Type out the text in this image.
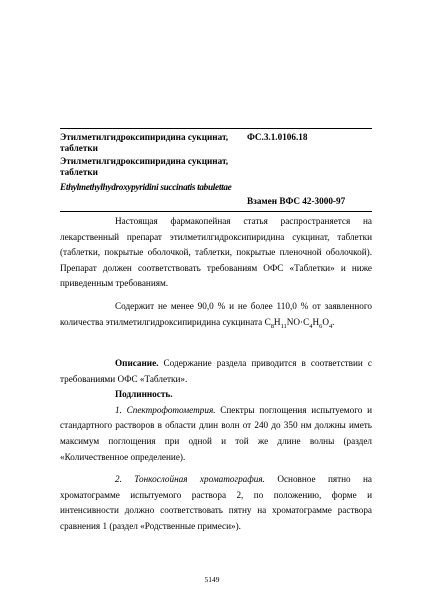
Этилметилгидроксипиридина сукцинат, таблетки
ФС.3.1.0106.18
Этилметилгидроксипиридина сукцинат, таблетки
Ethylmethylhydroxypyridini succinatis tabulettae
Взамен ВФС 42-3000-97

Настоящая фармакопейная статья распространяется на лекарственный препарат этилметилгидроксипиридина сукцинат, таблетки (таблетки, покрытые оболочкой, таблетки, покрытые пленочной оболочкой). Препарат должен соответствовать требованиям ОФС «Таблетки» и ниже приведенным требованиям.

Содержит не менее 90,0 % и не более 110,0 % от заявленного количества этилметилгидроксипиридина сукцината $C_8H_{11}NO\cdot C_4H_6O_4$.

Описание. Содержание раздела приводится в соответствии с требованиями ОФС «Таблетки».

Подлинность.

1. Спектрофотометрия. Спектры поглощения испытуемого и стандартного растворов в области длин волн от 240 до 350 нм должны иметь максимум поглощения при одной и той же длине волны (раздел «Количественное определение).

2. Тонкослойная хроматография. Основное пятно на хроматограмме испытуемого раствора 2, по положению, форме и интенсивности должно соответствовать пятну на хроматограмме раствора сравнения 1 (раздел «Родственные примеси»).

5149
